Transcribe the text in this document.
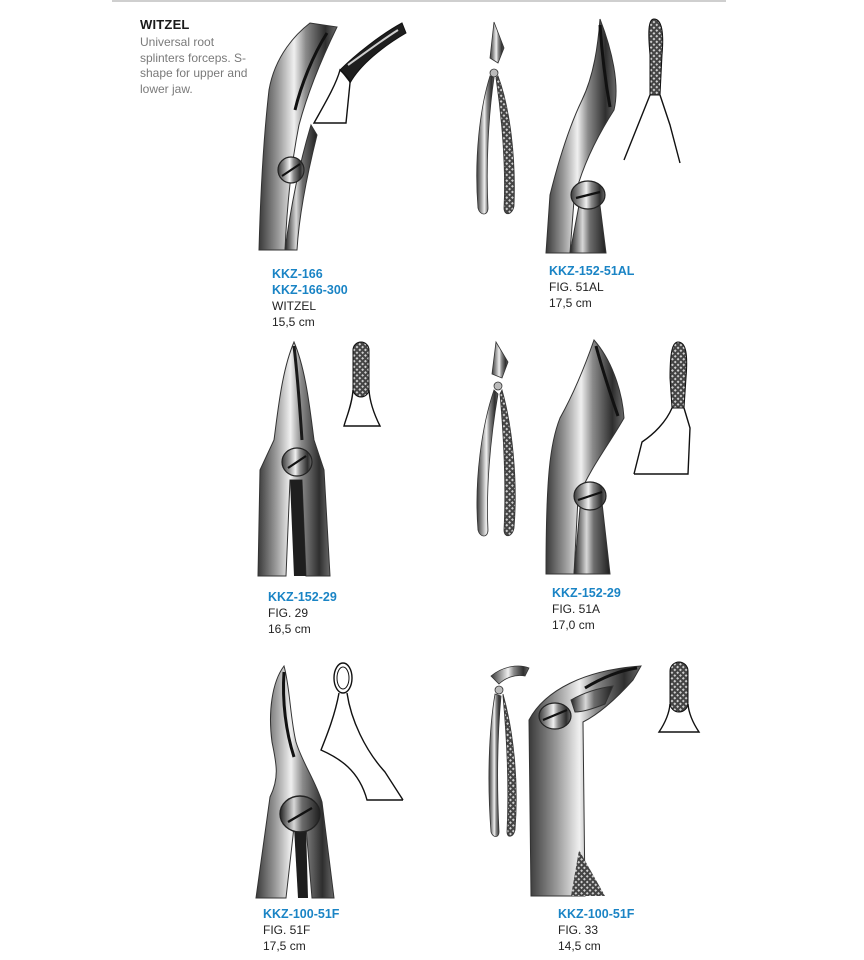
WITZEL
Universal root splinters forceps. S-shape for upper and lower jaw.
KKZ-166
KKZ-166-300
WITZEL
15,5 cm
KKZ-152-51AL
FIG. 51AL
17,5 cm
KKZ-152-29
FIG. 29
16,5 cm
KKZ-152-29
FIG. 51A
17,0 cm
KKZ-100-51F
FIG. 51F
17,5 cm
KKZ-100-51F
FIG. 33
14,5 cm
